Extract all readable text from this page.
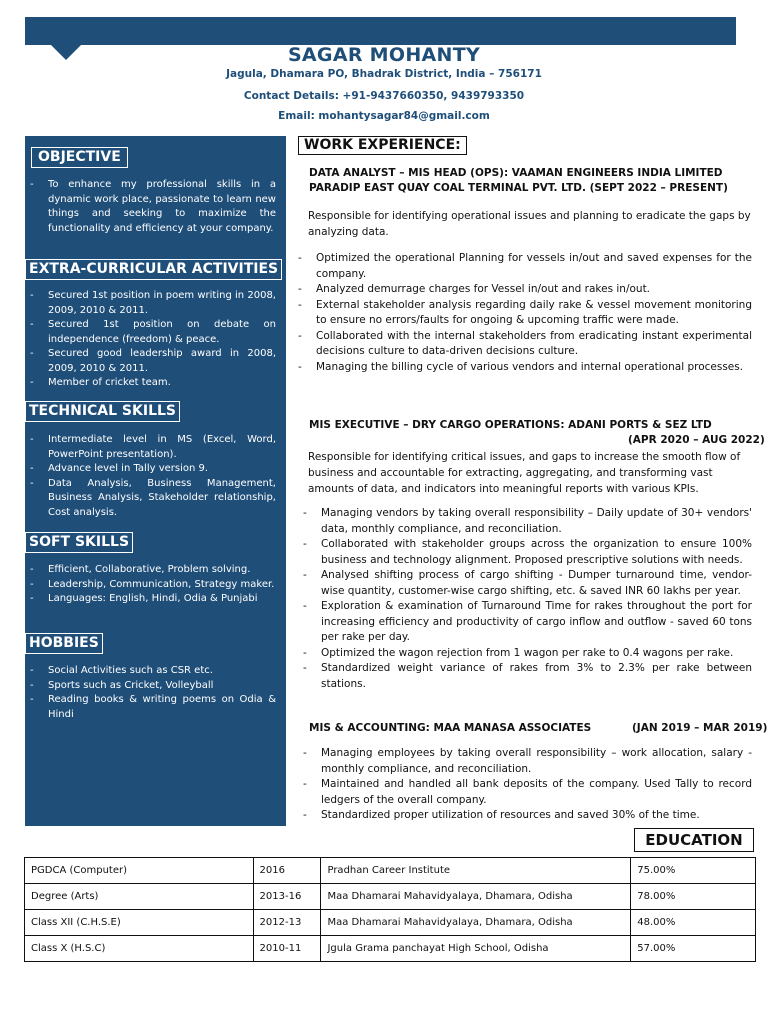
SAGAR MOHANTY
Jagula, Dhamara PO, Bhadrak District, India – 756171
Contact Details: +91-9437660350, 9439793350
Email: mohantysagar84@gmail.com
OBJECTIVE
- To enhance my professional skills in a dynamic work place, passionate to learn new things and seeking to maximize the functionality and efficiency at your company.
EXTRA-CURRICULAR ACTIVITIES
- Secured 1st position in poem writing in 2008, 2009, 2010 & 2011.
- Secured 1st position on debate on independence (freedom) & peace.
- Secured good leadership award in 2008, 2009, 2010 & 2011.
- Member of cricket team.
TECHNICAL SKILLS
- Intermediate level in MS (Excel, Word, PowerPoint presentation).
- Advance level in Tally version 9.
- Data Analysis, Business Management, Business Analysis, Stakeholder relationship, Cost analysis.
SOFT SKILLS
- Efficient, Collaborative, Problem solving.
- Leadership, Communication, Strategy maker.
- Languages: English, Hindi, Odia & Punjabi
HOBBIES
- Social Activities such as CSR etc.
- Sports such as Cricket, Volleyball
- Reading books & writing poems on Odia & Hindi
WORK EXPERIENCE:
DATA ANALYST – MIS HEAD (OPS): VAAMAN ENGINEERS INDIA LIMITED
PARADIP EAST QUAY COAL TERMINAL PVT. LTD. (SEPT 2022 – PRESENT)
Responsible for identifying operational issues and planning to eradicate the gaps by analyzing data.
- Optimized the operational Planning for vessels in/out and saved expenses for the company.
- Analyzed demurrage charges for Vessel in/out and rakes in/out.
- External stakeholder analysis regarding daily rake & vessel movement monitoring to ensure no errors/faults for ongoing & upcoming traffic were made.
- Collaborated with the internal stakeholders from eradicating instant experimental decisions culture to data-driven decisions culture.
- Managing the billing cycle of various vendors and internal operational processes.
MIS EXECUTIVE – DRY CARGO OPERATIONS: ADANI PORTS & SEZ LTD
(APR 2020 – AUG 2022)
Responsible for identifying critical issues, and gaps to increase the smooth flow of business and accountable for extracting, aggregating, and transforming vast amounts of data, and indicators into meaningful reports with various KPIs.
- Managing vendors by taking overall responsibility – Daily update of 30+ vendors' data, monthly compliance, and reconciliation.
- Collaborated with stakeholder groups across the organization to ensure 100% business and technology alignment. Proposed prescriptive solutions with needs.
- Analysed shifting process of cargo shifting - Dumper turnaround time, vendor-wise quantity, customer-wise cargo shifting, etc. & saved INR 60 lakhs per year.
- Exploration & examination of Turnaround Time for rakes throughout the port for increasing efficiency and productivity of cargo inflow and outflow - saved 60 tons per rake per day.
- Optimized the wagon rejection from 1 wagon per rake to 0.4 wagons per rake.
- Standardized weight variance of rakes from 3% to 2.3% per rake between stations.
MIS & ACCOUNTING: MAA MANASA ASSOCIATES	(JAN 2019 – MAR 2019)
- Managing employees by taking overall responsibility – work allocation, salary - monthly compliance, and reconciliation.
- Maintained and handled all bank deposits of the company. Used Tally to record ledgers of the overall company.
- Standardized proper utilization of resources and saved 30% of the time.
EDUCATION
PGDCA (Computer)	2016	Pradhan Career Institute	75.00%
Degree (Arts)	2013-16	Maa Dhamarai Mahavidyalaya, Dhamara, Odisha	78.00%
Class XII (C.H.S.E)	2012-13	Maa Dhamarai Mahavidyalaya, Dhamara, Odisha	48.00%
Class X (H.S.C)	2010-11	Jgula Grama panchayat High School, Odisha	57.00%
